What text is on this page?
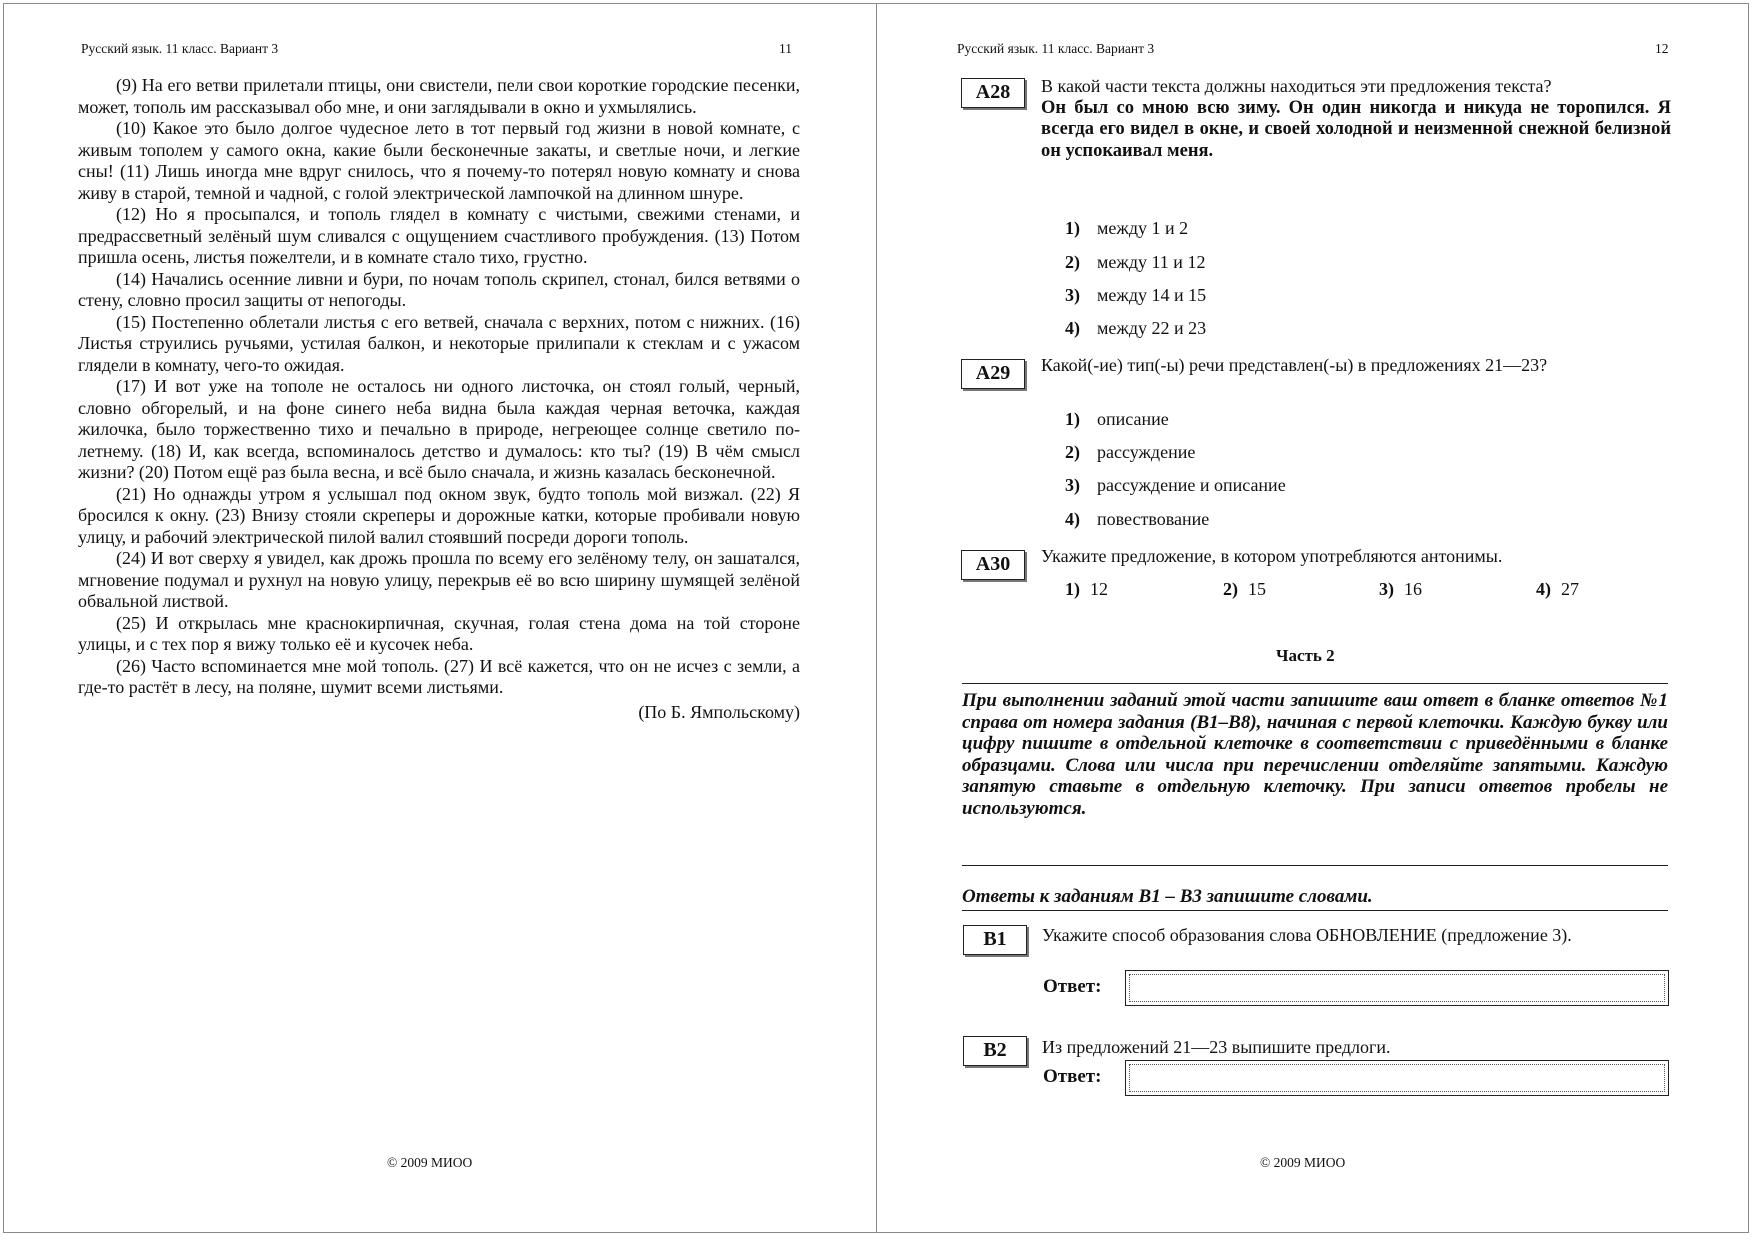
Русский язык. 11 класс. Вариант 3	11

(9) На его ветви прилетали птицы, они свистели, пели свои короткие городские песенки, может, тополь им рассказывал обо мне, и они заглядывали в окно и ухмылялись.

(10) Какое это было долгое чудесное лето в тот первый год жизни в новой комнате, с живым тополем у самого окна, какие были бесконечные закаты, и светлые ночи, и легкие сны! (11) Лишь иногда мне вдруг снилось, что я почему-то потерял новую комнату и снова живу в старой, темной и чадной, с голой электрической лампочкой на длинном шнуре.

(12) Но я просыпался, и тополь глядел в комнату с чистыми, свежими стенами, и предрассветный зелёный шум сливался с ощущением счастливого пробуждения. (13) Потом пришла осень, листья пожелтели, и в комнате стало тихо, грустно.

(14) Начались осенние ливни и бури, по ночам тополь скрипел, стонал, бился ветвями о стену, словно просил защиты от непогоды.

(15) Постепенно облетали листья с его ветвей, сначала с верхних, потом с нижних. (16) Листья струились ручьями, устилая балкон, и некоторые прилипали к стеклам и с ужасом глядели в комнату, чего-то ожидая.

(17) И вот уже на тополе не осталось ни одного листочка, он стоял голый, черный, словно обгорелый, и на фоне синего неба видна была каждая черная веточка, каждая жилочка, было торжественно тихо и печально в природе, негреющее солнце светило по-летнему. (18) И, как всегда, вспоминалось детство и думалось: кто ты? (19) В чём смысл жизни? (20) Потом ещё раз была весна, и всё было сначала, и жизнь казалась бесконечной.

(21) Но однажды утром я услышал под окном звук, будто тополь мой визжал. (22) Я бросился к окну. (23) Внизу стояли скреперы и дорожные катки, которые пробивали новую улицу, и рабочий электрической пилой валил стоявший посреди дороги тополь.

(24) И вот сверху я увидел, как дрожь прошла по всему его зелёному телу, он зашатался, мгновение подумал и рухнул на новую улицу, перекрыв её во всю ширину шумящей зелёной обвальной листвой.

(25) И открылась мне краснокирпичная, скучная, голая стена дома на той стороне улицы, и с тех пор я вижу только её и кусочек неба.

(26) Часто вспоминается мне мой тополь. (27) И всё кажется, что он не исчез с земли, а где-то растёт в лесу, на поляне, шумит всеми листьями.

(По Б. Ямпольскому)

© 2009 МИОО
Русский язык. 11 класс. Вариант 3	12
А28	В какой части текста должны находиться эти предложения текста?
Он был со мною всю зиму. Он один никогда и никуда не торопился. Я всегда его видел в окне, и своей холодной и неизменной снежной белизной он успокаивал меня.
1) между 1 и 2
2) между 11 и 12
3) между 14 и 15
4) между 22 и 23
А29	Какой(-ие) тип(-ы) речи представлен(-ы) в предложениях 21—23?
1) описание
2) рассуждение
3) рассуждение и описание
4) повествование
А30	Укажите предложение, в котором употребляются антонимы.
1) 12	2) 15	3) 16	4) 27
© 2009 МИОО
Часть 2
При выполнении заданий этой части запишите ваш ответ в бланке ответов №1 справа от номера задания (В1–В8), начиная с первой клеточки. Каждую букву или цифру пишите в отдельной клеточке в соответствии с приведёнными в бланке образцами. Слова или числа при перечислении отделяйте запятыми. Каждую запятую ставьте в отдельную клеточку. При записи ответов пробелы не используются.
Ответы к заданиям В1 – В3 запишите словами.
В1	Укажите способ образования слова ОБНОВЛЕНИЕ (предложение 3).
Ответ:
В2	Из предложений 21—23 выпишите предлоги.
Ответ:
